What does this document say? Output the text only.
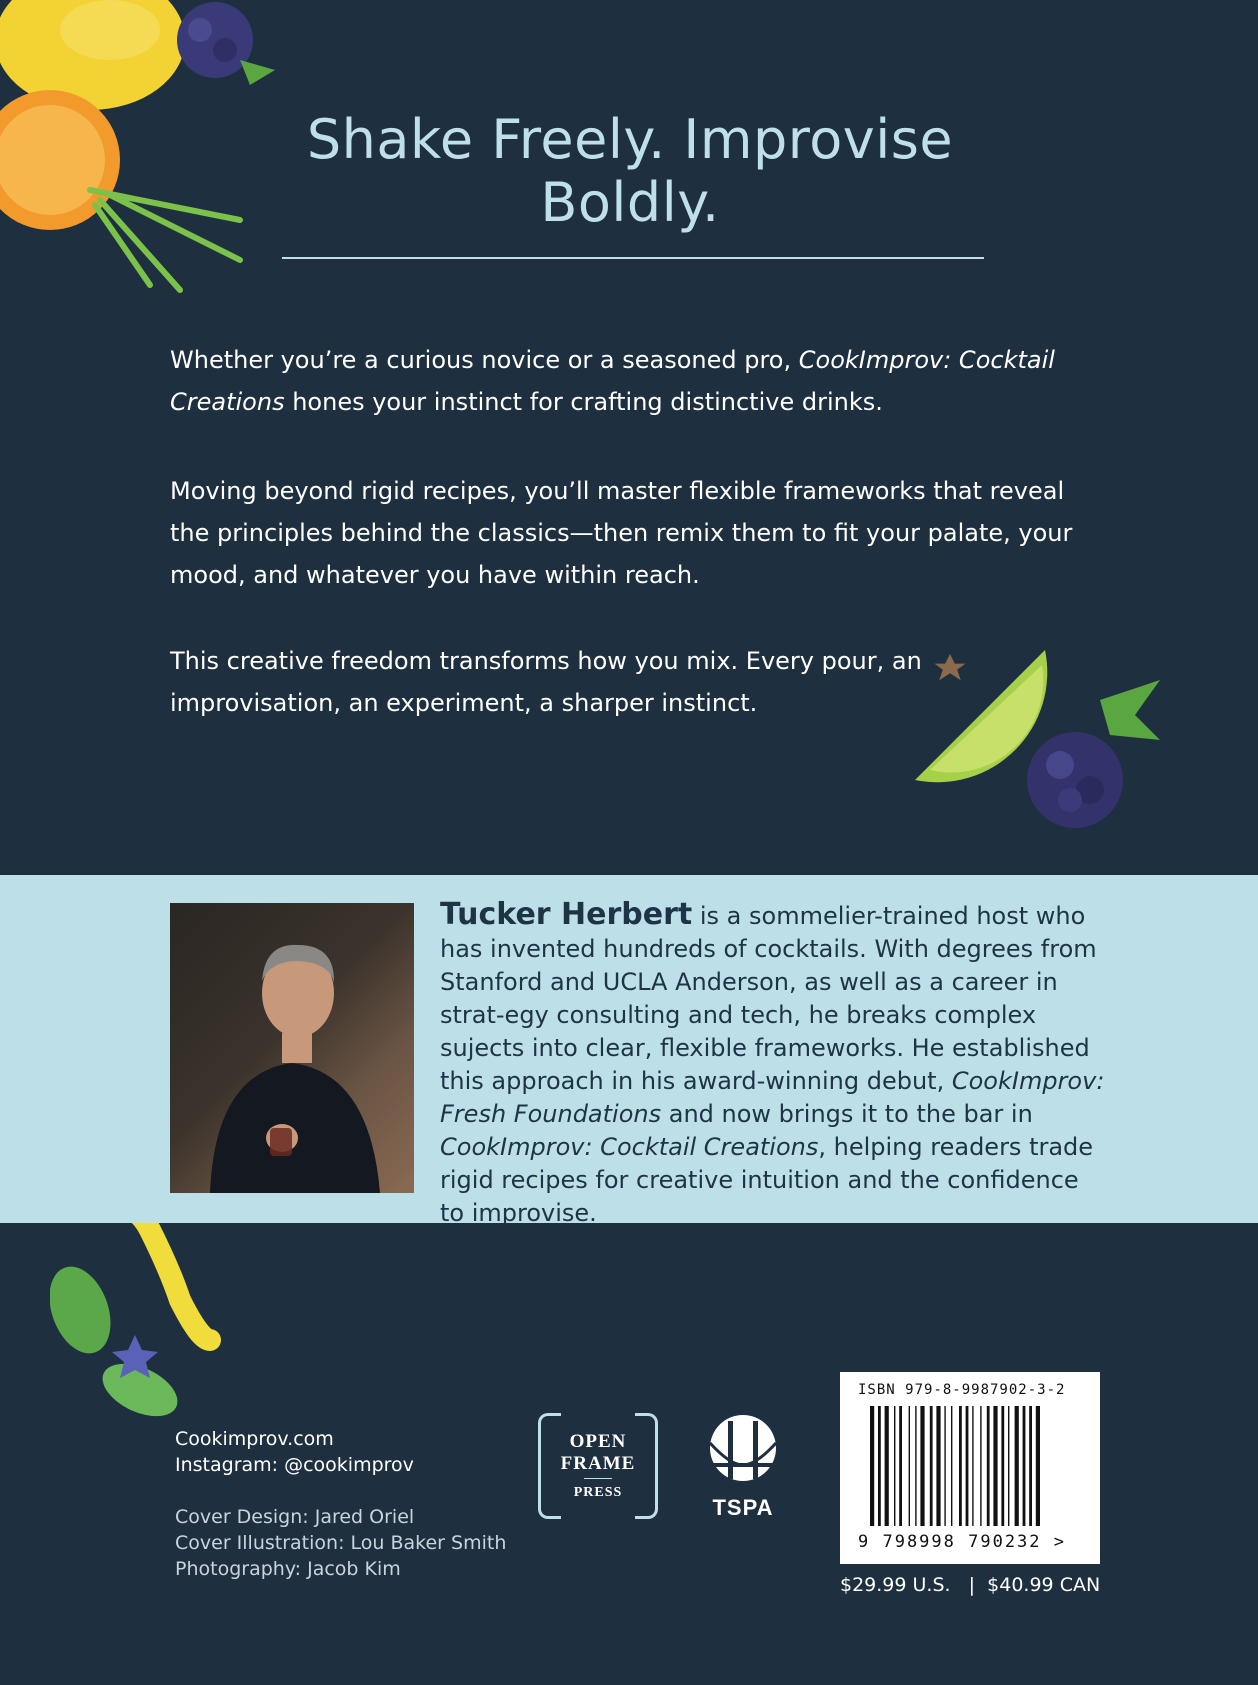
Shake Freely. Improvise Boldly.
Whether you’re a curious novice or a seasoned pro, CookImprov: Cocktail Creations hones your instinct for crafting distinctive drinks.
Moving beyond rigid recipes, you’ll master flexible frameworks that reveal the principles behind the classics—then remix them to fit your palate, your mood, and whatever you have within reach.
This creative freedom transforms how you mix. Every pour, an improvisation, an experiment, a sharper instinct.
Tucker Herbert is a sommelier-trained host who has invented hundreds of cocktails. With degrees from Stanford and UCLA Anderson, as well as a career in strat-egy consulting and tech, he breaks complex sujects into clear, flexible frameworks. He established this approach in his award-winning debut, CookImprov: Fresh Foundations and now brings it to the bar in CookImprov: Cocktail Creations, helping readers trade rigid recipes for creative intuition and the confidence to improvise.
Cookimprov.com
Instagram: @cookimprov
Cover Design: Jared Oriel
Cover Illustration: Lou Baker Smith
Photography: Jacob Kim
OPEN
FRAME
PRESS
TSPA
ISBN 979-8-9987902-3-2
9 798998 790232 >
$29.99 U.S.   |  $40.99 CAN
